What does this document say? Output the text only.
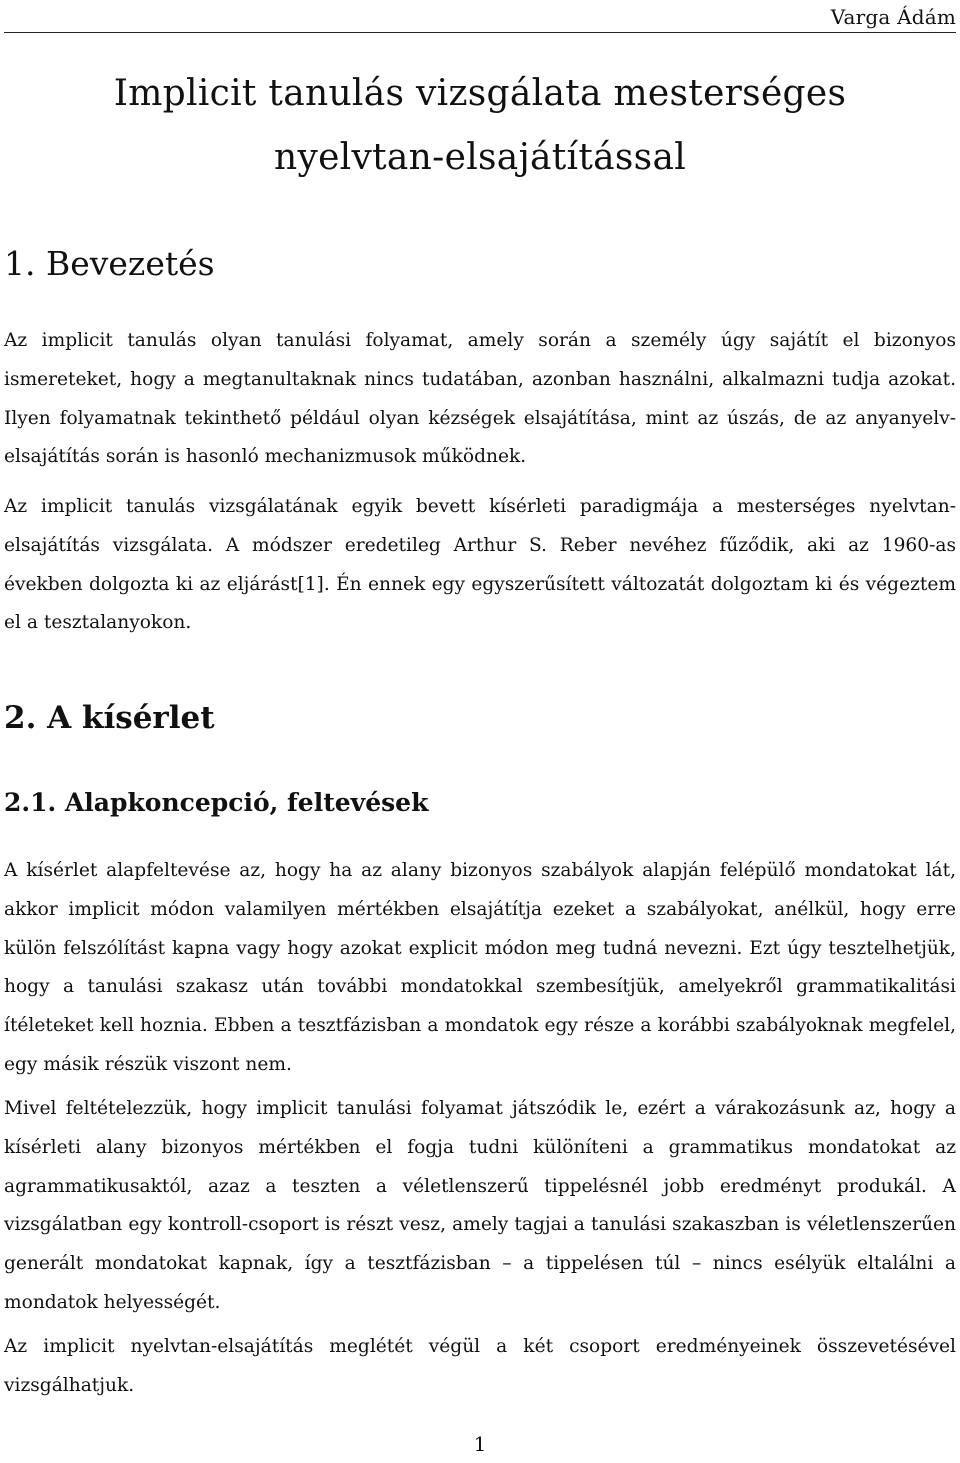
Varga Ádám
Implicit tanulás vizsgálata mesterséges
nyelvtan-elsajátítással
1. Bevezetés

Az implicit tanulás olyan tanulási folyamat, amely során a személy úgy sajátít el bizonyos ismereteket, hogy a megtanultaknak nincs tudatában, azonban használni, alkalmazni tudja azokat. Ilyen folyamatnak tekinthető például olyan kézségek elsajátítása, mint az úszás, de az anyanyelv-elsajátítás során is hasonló mechanizmusok működnek.

Az implicit tanulás vizsgálatának egyik bevett kísérleti paradigmája a mesterséges nyelvtan-elsajátítás vizsgálata. A módszer eredetileg Arthur S. Reber nevéhez fűződik, aki az 1960-as években dolgozta ki az eljárást[1]. Én ennek egy egyszerűsített változatát dolgoztam ki és végeztem el a tesztalanyokon.

2. A kísérlet
2.1. Alapkoncepció, feltevések

A kísérlet alapfeltevése az, hogy ha az alany bizonyos szabályok alapján felépülő mondatokat lát, akkor implicit módon valamilyen mértékben elsajátítja ezeket a szabályokat, anélkül, hogy erre külön felszólítást kapna vagy hogy azokat explicit módon meg tudná nevezni. Ezt úgy tesztelhetjük, hogy a tanulási szakasz után további mondatokkal szembesítjük, amelyekről grammatikalitási ítéleteket kell hoznia. Ebben a tesztfázisban a mondatok egy része a korábbi szabályoknak megfelel, egy másik részük viszont nem.

Mivel feltételezzük, hogy implicit tanulási folyamat játszódik le, ezért a várakozásunk az, hogy a kísérleti alany bizonyos mértékben el fogja tudni különíteni a grammatikus mondatokat az agrammatikusaktól, azaz a teszten a véletlenszerű tippelésnél jobb eredményt produkál. A vizsgálatban egy kontroll-csoport is részt vesz, amely tagjai a tanulási szakaszban is véletlenszerűen generált mondatokat kapnak, így a tesztfázisban – a tippelésen túl – nincs esélyük eltalálni a mondatok helyességét.

Az implicit nyelvtan-elsajátítás meglétét végül a két csoport eredményeinek összevetésével vizsgálhatjuk.

1
